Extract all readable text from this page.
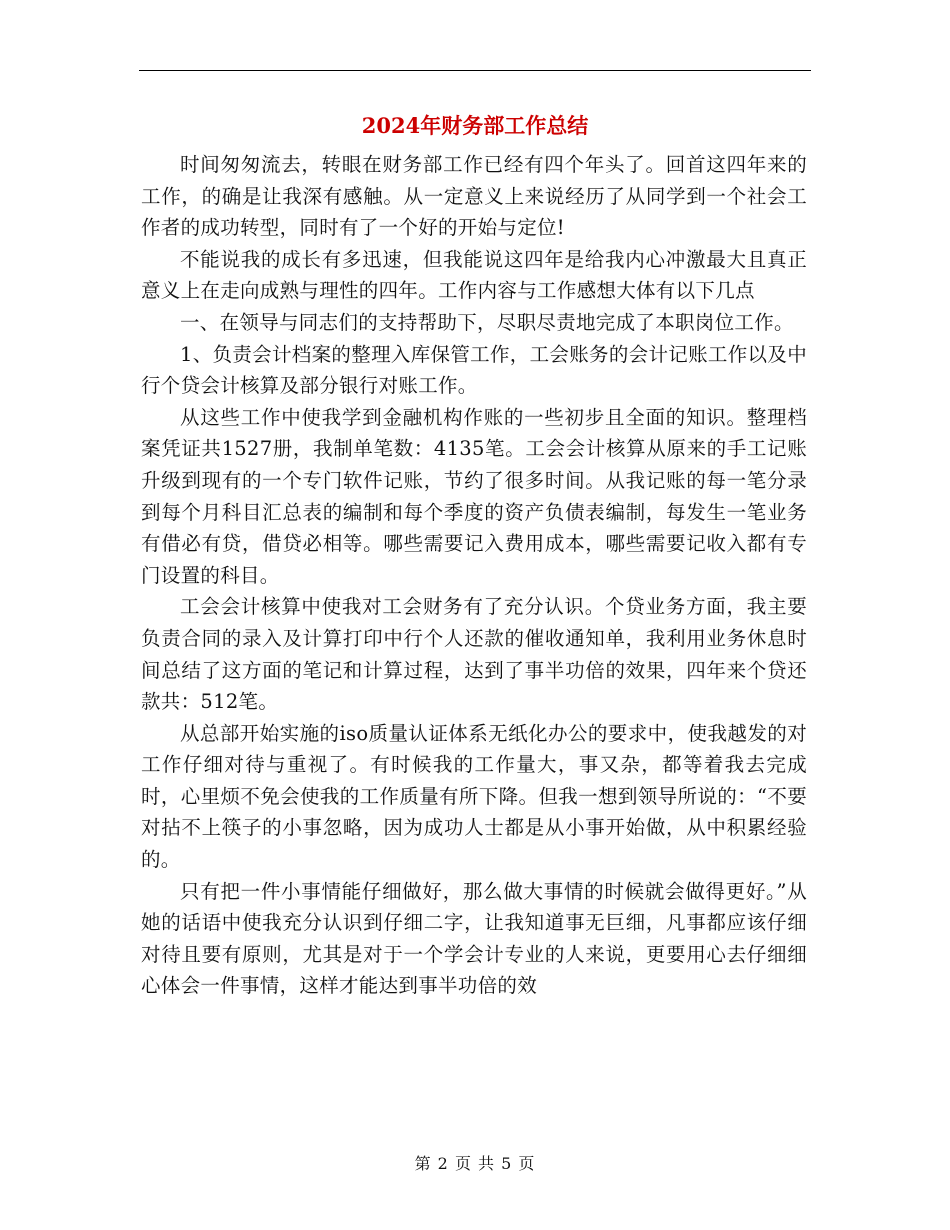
2024年财务部工作总结

时间匆匆流去，转眼在财务部工作已经有四个年头了。回首这四年来的工作，的确是让我深有感触。从一定意义上来说经历了从同学到一个社会工作者的成功转型，同时有了一个好的开始与定位!

不能说我的成长有多迅速，但我能说这四年是给我内心冲激最大且真正意义上在走向成熟与理性的四年。工作内容与工作感想大体有以下几点

一、在领导与同志们的支持帮助下，尽职尽责地完成了本职岗位工作。

1、负责会计档案的整理入库保管工作，工会账务的会计记账工作以及中行个贷会计核算及部分银行对账工作。

从这些工作中使我学到金融机构作账的一些初步且全面的知识。整理档案凭证共1527册，我制单笔数：4135笔。工会会计核算从原来的手工记账升级到现有的一个专门软件记账，节约了很多时间。从我记账的每一笔分录到每个月科目汇总表的编制和每个季度的资产负债表编制，每发生一笔业务有借必有贷，借贷必相等。哪些需要记入费用成本，哪些需要记收入都有专门设置的科目。

工会会计核算中使我对工会财务有了充分认识。个贷业务方面，我主要负责合同的录入及计算打印中行个人还款的催收通知单，我利用业务休息时间总结了这方面的笔记和计算过程，达到了事半功倍的效果，四年来个贷还款共：512笔。

从总部开始实施的iso质量认证体系无纸化办公的要求中，使我越发的对工作仔细对待与重视了。有时候我的工作量大，事又杂，都等着我去完成时，心里烦不免会使我的工作质量有所下降。但我一想到领导所说的：“不要对拈不上筷子的小事忽略，因为成功人士都是从小事开始做，从中积累经验的。

只有把一件小事情能仔细做好，那么做大事情的时候就会做得更好。”从她的话语中使我充分认识到仔细二字，让我知道事无巨细，凡事都应该仔细对待且要有原则，尤其是对于一个学会计专业的人来说，更要用心去仔细细心体会一件事情，这样才能达到事半功倍的效

第 2 页 共 5 页
